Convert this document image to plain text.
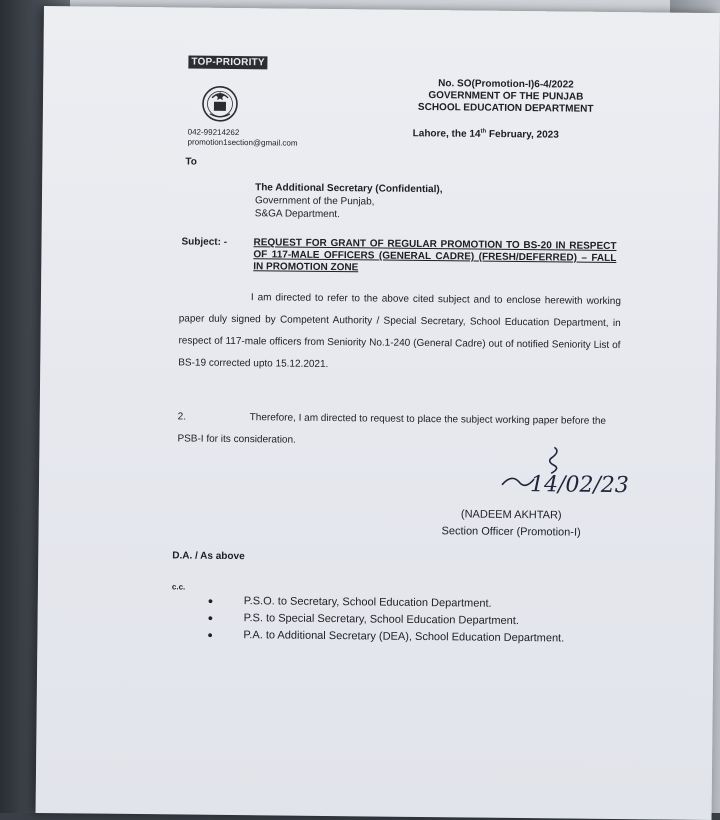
TOP-PRIORITY
042-99214262
promotion1section@gmail.com
No. SO(Promotion-I)6-4/2022
GOVERNMENT OF THE PUNJAB
SCHOOL EDUCATION DEPARTMENT
Lahore, the 14th February, 2023
To
The Additional Secretary (Confidential),
Government of the Punjab,
S&GA Department.
Subject: -	REQUEST FOR GRANT OF REGULAR PROMOTION TO BS-20 IN RESPECT OF 117-MALE OFFICERS (GENERAL CADRE) (FRESH/DEFERRED) – FALL IN PROMOTION ZONE
I am directed to refer to the above cited subject and to enclose herewith working paper duly signed by Competent Authority / Special Secretary, School Education Department, in respect of 117-male officers from Seniority No.1-240 (General Cadre) out of notified Seniority List of BS-19 corrected upto 15.12.2021.
2.	Therefore, I am directed to request to place the subject working paper before the PSB-I for its consideration.
14/02/23
(NADEEM AKHTAR)
Section Officer (Promotion-I)
D.A. / As above
c.c.
●	P.S.O. to Secretary, School Education Department.
●	P.S. to Special Secretary, School Education Department.
●	P.A. to Additional Secretary (DEA), School Education Department.
